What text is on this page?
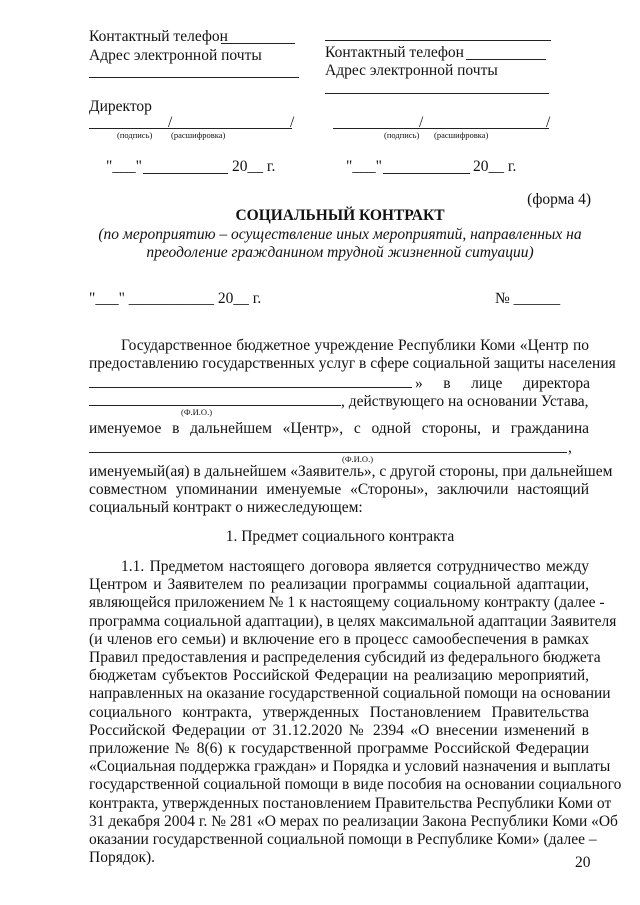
Контактный телефон
Адрес электронной почты
Директор
/	/
(подпись) (расшифровка)
"___"	20__ г.
Контактный телефон
Адрес электронной почты
/	/
(подпись) (расшифровка)
"___"	20__ г.
(форма 4)
СОЦИАЛЬНЫЙ КОНТРАКТ
(по мероприятию – осуществление иных мероприятий, направленных на
преодоление гражданином трудной жизненной ситуации)
"___" ___________ 20__ г.	№ ______
Государственное бюджетное учреждение Республики Коми «Центр по
предоставлению государственных услуг в сфере социальной защиты населения
» в лице директора
, действующего на основании Устава,
(Ф.И.О.)
именуемое в дальнейшем «Центр», с одной стороны, и гражданина
,
(Ф.И.О.)
именуемый(ая) в дальнейшем «Заявитель», с другой стороны, при дальнейшем
совместном упоминании именуемые «Стороны», заключили настоящий
социальный контракт о нижеследующем:
1. Предмет социального контракта
1.1. Предметом настоящего договора является сотрудничество между
Центром и Заявителем по реализации программы социальной адаптации,
являющейся приложением № 1 к настоящему социальному контракту (далее -
программа социальной адаптации), в целях максимальной адаптации Заявителя
(и членов его семьи) и включение его в процесс самообеспечения в рамках
Правил предоставления и распределения субсидий из федерального бюджета
бюджетам субъектов Российской Федерации на реализацию мероприятий,
направленных на оказание государственной социальной помощи на основании
социального контракта, утвержденных Постановлением Правительства
Российской Федерации от 31.12.2020 № 2394 «О внесении изменений в
приложение № 8(6) к государственной программе Российской Федерации
«Социальная поддержка граждан» и Порядка и условий назначения и выплаты
государственной социальной помощи в виде пособия на основании социального
контракта, утвержденных постановлением Правительства Республики Коми от
31 декабря 2004 г. № 281 «О мерах по реализации Закона Республики Коми «Об
оказании государственной социальной помощи в Республике Коми» (далее –
Порядок).	20
